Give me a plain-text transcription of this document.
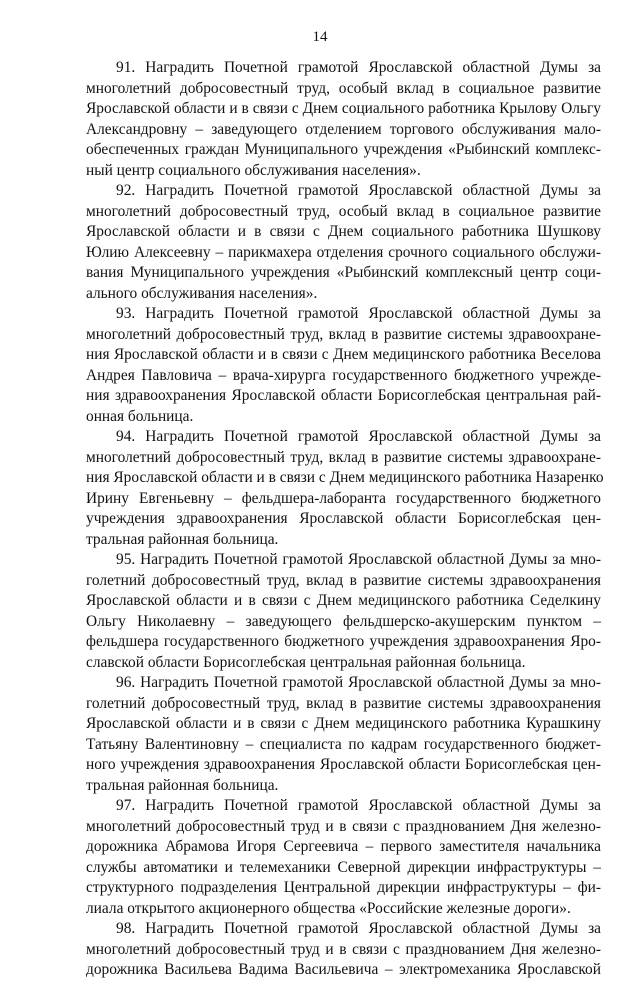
14

91. Наградить Почетной грамотой Ярославской областной Думы за
многолетний добросовестный труд, особый вклад в социальное развитие
Ярославской области и в связи с Днем социального работника Крылову Ольгу
Александровну – заведующего отделением торгового обслуживания мало-
обеспеченных граждан Муниципального учреждения «Рыбинский комплекс-
ный центр социального обслуживания населения».

92. Наградить Почетной грамотой Ярославской областной Думы за
многолетний добросовестный труд, особый вклад в социальное развитие
Ярославской области и в связи с Днем социального работника Шушкову
Юлию Алексеевну – парикмахера отделения срочного социального обслужи-
вания Муниципального учреждения «Рыбинский комплексный центр соци-
ального обслуживания населения».

93. Наградить Почетной грамотой Ярославской областной Думы за
многолетний добросовестный труд, вклад в развитие системы здравоохране-
ния Ярославской области и в связи с Днем медицинского работника Веселова
Андрея Павловича – врача-хирурга государственного бюджетного учрежде-
ния здравоохранения Ярославской области Борисоглебская центральная рай-
онная больница.

94. Наградить Почетной грамотой Ярославской областной Думы за
многолетний добросовестный труд, вклад в развитие системы здравоохране-
ния Ярославской области и в связи с Днем медицинского работника Назаренко
Ирину Евгеньевну – фельдшера-лаборанта государственного бюджетного
учреждения здравоохранения Ярославской области Борисоглебская цен-
тральная районная больница.

95. Наградить Почетной грамотой Ярославской областной Думы за мно-
голетний добросовестный труд, вклад в развитие системы здравоохранения
Ярославской области и в связи с Днем медицинского работника Седелкину
Ольгу Николаевну – заведующего фельдшерско-акушерским пунктом –
фельдшера государственного бюджетного учреждения здравоохранения Яро-
славской области Борисоглебская центральная районная больница.

96. Наградить Почетной грамотой Ярославской областной Думы за мно-
голетний добросовестный труд, вклад в развитие системы здравоохранения
Ярославской области и в связи с Днем медицинского работника Курашкину
Татьяну Валентиновну – специалиста по кадрам государственного бюджет-
ного учреждения здравоохранения Ярославской области Борисоглебская цен-
тральная районная больница.

97. Наградить Почетной грамотой Ярославской областной Думы за
многолетний добросовестный труд и в связи с празднованием Дня железно-
дорожника Абрамова Игоря Сергеевича – первого заместителя начальника
службы автоматики и телемеханики Северной дирекции инфраструктуры –
структурного подразделения Центральной дирекции инфраструктуры – фи-
лиала открытого акционерного общества «Российские железные дороги».

98. Наградить Почетной грамотой Ярославской областной Думы за
многолетний добросовестный труд и в связи с празднованием Дня железно-
дорожника Васильева Вадима Васильевича – электромеханика Ярославской
